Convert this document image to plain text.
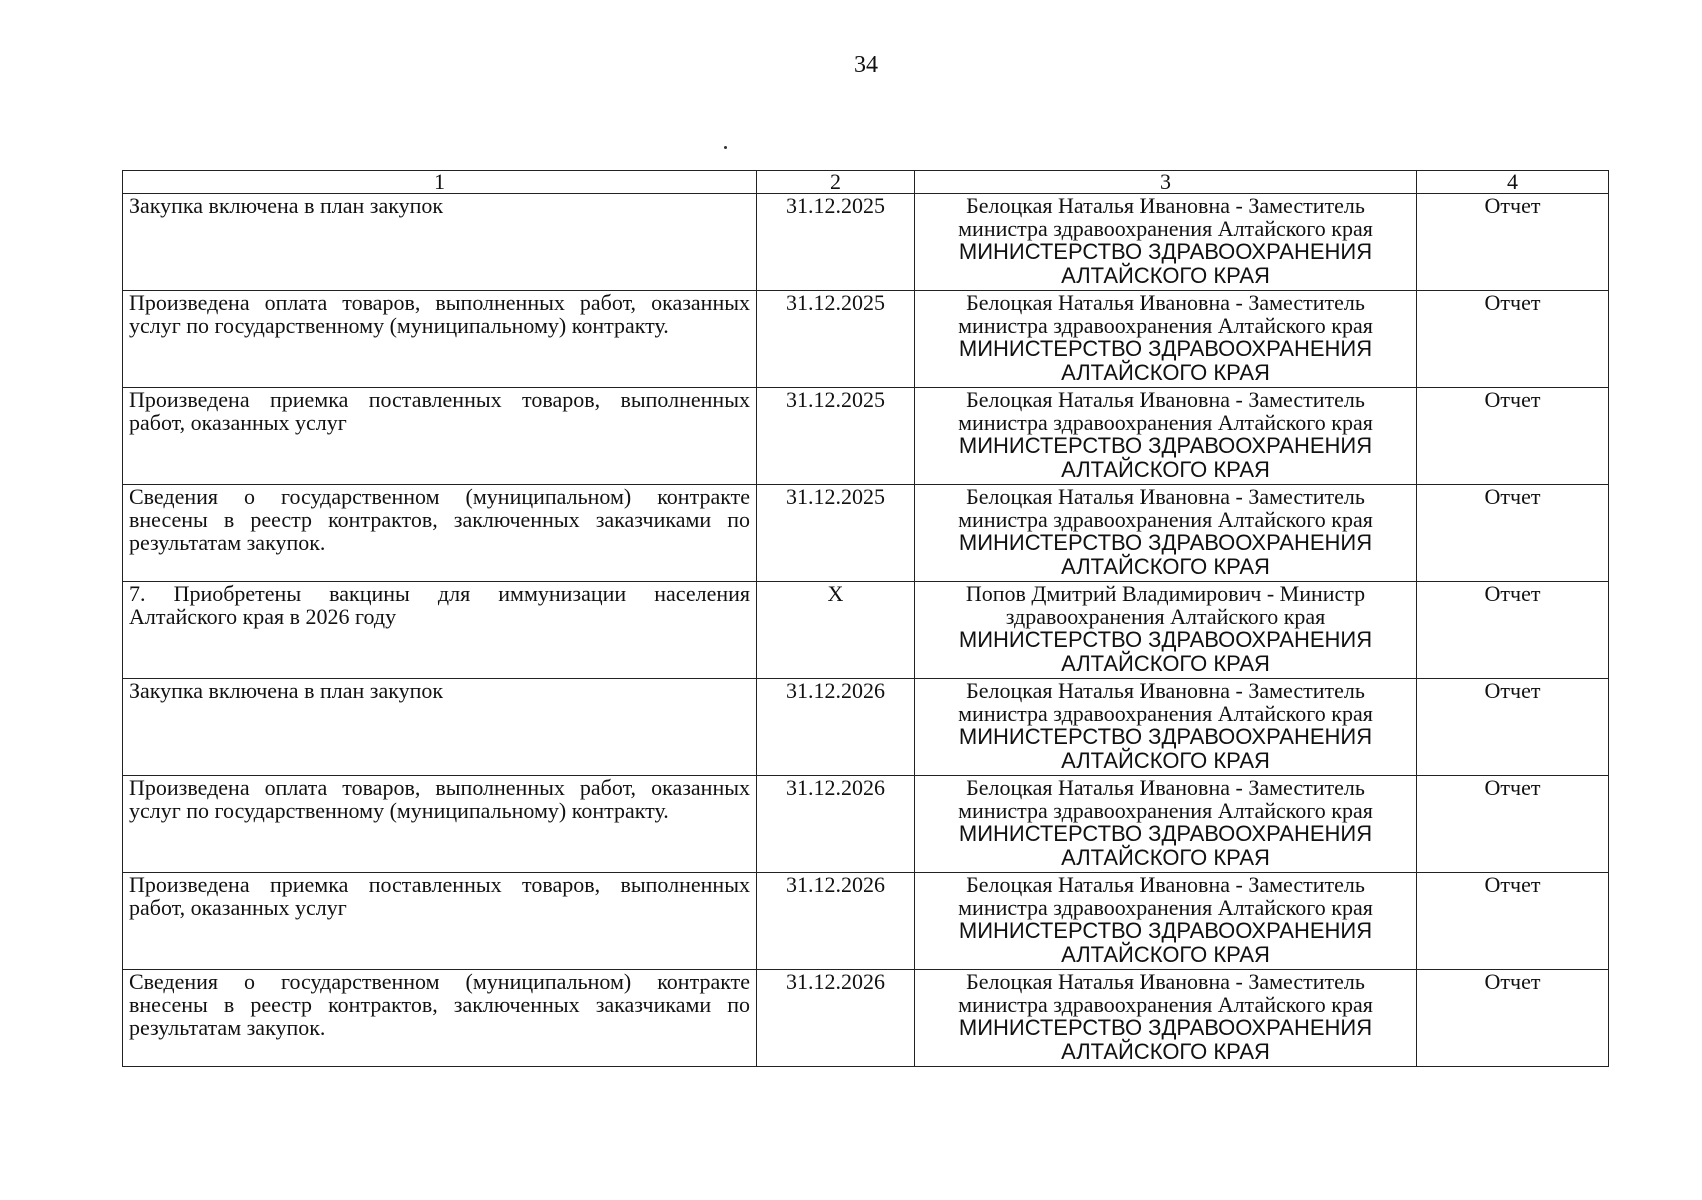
34
1	2	3	4
Закупка включена в план закупок	31.12.2025	Белоцкая Наталья Ивановна - Заместитель министра здравоохранения Алтайского края
МИНИСТЕРСТВО ЗДРАВООХРАНЕНИЯ АЛТАЙСКОГО КРАЯ	Отчет
Произведена оплата товаров, выполненных работ, оказанных услуг по государственному (муниципальному) контракту.	31.12.2025	Белоцкая Наталья Ивановна - Заместитель министра здравоохранения Алтайского края
МИНИСТЕРСТВО ЗДРАВООХРАНЕНИЯ АЛТАЙСКОГО КРАЯ	Отчет
Произведена приемка поставленных товаров, выполненных работ, оказанных услуг	31.12.2025	Белоцкая Наталья Ивановна - Заместитель министра здравоохранения Алтайского края
МИНИСТЕРСТВО ЗДРАВООХРАНЕНИЯ АЛТАЙСКОГО КРАЯ	Отчет
Сведения о государственном (муниципальном) контракте внесены в реестр контрактов, заключенных заказчиками по результатам закупок.	31.12.2025	Белоцкая Наталья Ивановна - Заместитель министра здравоохранения Алтайского края
МИНИСТЕРСТВО ЗДРАВООХРАНЕНИЯ АЛТАЙСКОГО КРАЯ	Отчет
7. Приобретены вакцины для иммунизации населения Алтайского края в 2026 году	Х	Попов Дмитрий Владимирович - Министр здравоохранения Алтайского края
МИНИСТЕРСТВО ЗДРАВООХРАНЕНИЯ АЛТАЙСКОГО КРАЯ	Отчет
Закупка включена в план закупок	31.12.2026	Белоцкая Наталья Ивановна - Заместитель министра здравоохранения Алтайского края
МИНИСТЕРСТВО ЗДРАВООХРАНЕНИЯ АЛТАЙСКОГО КРАЯ	Отчет
Произведена оплата товаров, выполненных работ, оказанных услуг по государственному (муниципальному) контракту.	31.12.2026	Белоцкая Наталья Ивановна - Заместитель министра здравоохранения Алтайского края
МИНИСТЕРСТВО ЗДРАВООХРАНЕНИЯ АЛТАЙСКОГО КРАЯ	Отчет
Произведена приемка поставленных товаров, выполненных работ, оказанных услуг	31.12.2026	Белоцкая Наталья Ивановна - Заместитель министра здравоохранения Алтайского края
МИНИСТЕРСТВО ЗДРАВООХРАНЕНИЯ АЛТАЙСКОГО КРАЯ	Отчет
Сведения о государственном (муниципальном) контракте внесены в реестр контрактов, заключенных заказчиками по результатам закупок.	31.12.2026	Белоцкая Наталья Ивановна - Заместитель министра здравоохранения Алтайского края
МИНИСТЕРСТВО ЗДРАВООХРАНЕНИЯ АЛТАЙСКОГО КРАЯ	Отчет
